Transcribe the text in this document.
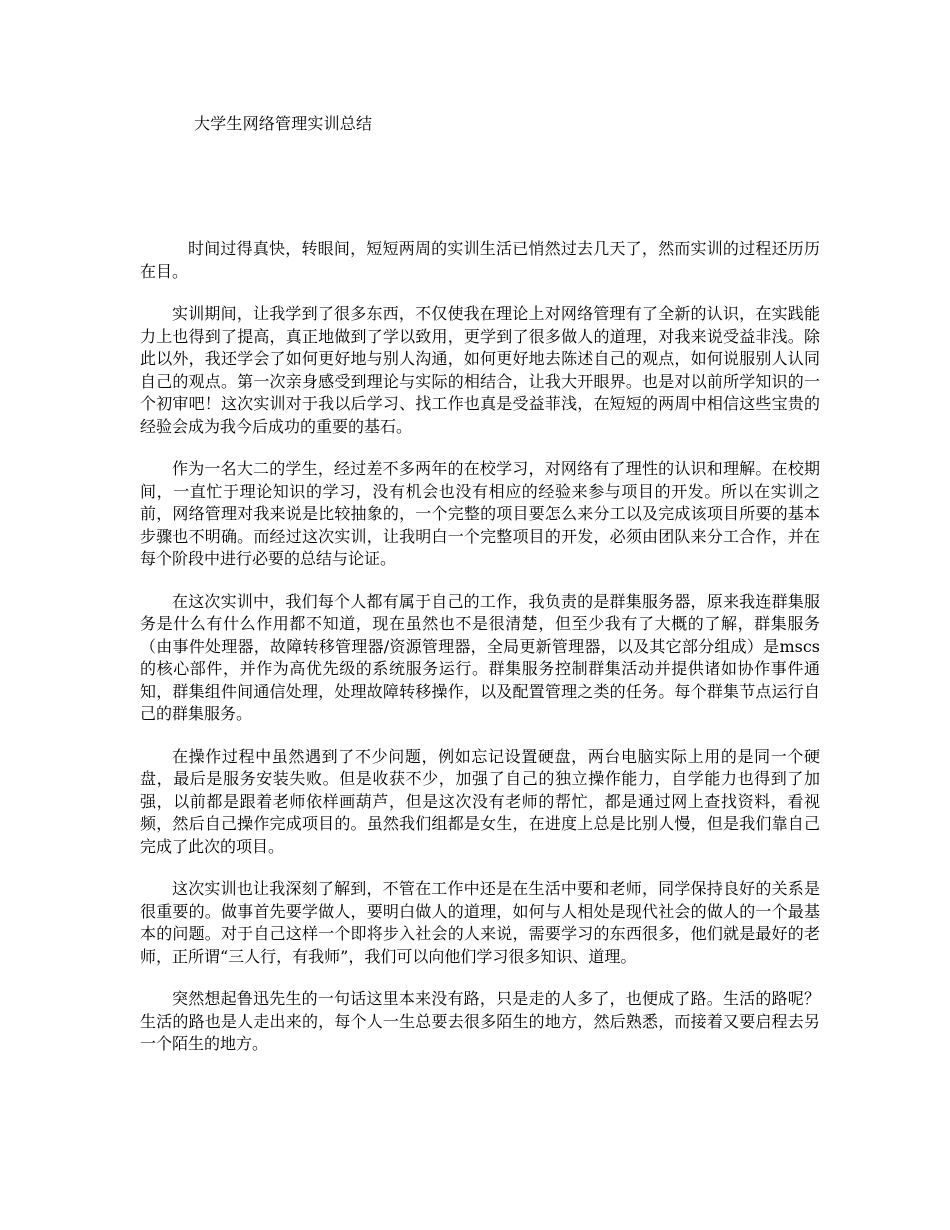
大学生网络管理实训总结

时间过得真快，转眼间，短短两周的实训生活已悄然过去几天了，然而实训的过程还历历在目。

实训期间，让我学到了很多东西，不仅使我在理论上对网络管理有了全新的认识，在实践能力上也得到了提高，真正地做到了学以致用，更学到了很多做人的道理，对我来说受益非浅。除此以外，我还学会了如何更好地与别人沟通，如何更好地去陈述自己的观点，如何说服别人认同自己的观点。第一次亲身感受到理论与实际的相结合，让我大开眼界。也是对以前所学知识的一个初审吧！这次实训对于我以后学习、找工作也真是受益菲浅，在短短的两周中相信这些宝贵的经验会成为我今后成功的重要的基石。

作为一名大二的学生，经过差不多两年的在校学习，对网络有了理性的认识和理解。在校期间，一直忙于理论知识的学习，没有机会也没有相应的经验来参与项目的开发。所以在实训之前，网络管理对我来说是比较抽象的，一个完整的项目要怎么来分工以及完成该项目所要的基本步骤也不明确。而经过这次实训，让我明白一个完整项目的开发，必须由团队来分工合作，并在每个阶段中进行必要的总结与论证。

在这次实训中，我们每个人都有属于自己的工作，我负责的是群集服务器，原来我连群集服务是什么有什么作用都不知道，现在虽然也不是很清楚，但至少我有了大概的了解，群集服务（由事件处理器，故障转移管理器/资源管理器，全局更新管理器，以及其它部分组成）是mscs的核心部件，并作为高优先级的系统服务运行。群集服务控制群集活动并提供诸如协作事件通知，群集组件间通信处理，处理故障转移操作，以及配置管理之类的任务。每个群集节点运行自己的群集服务。

在操作过程中虽然遇到了不少问题，例如忘记设置硬盘，两台电脑实际上用的是同一个硬盘，最后是服务安装失败。但是收获不少，加强了自己的独立操作能力，自学能力也得到了加强，以前都是跟着老师依样画葫芦，但是这次没有老师的帮忙，都是通过网上查找资料，看视频，然后自己操作完成项目的。虽然我们组都是女生，在进度上总是比别人慢，但是我们靠自己完成了此次的项目。

这次实训也让我深刻了解到，不管在工作中还是在生活中要和老师，同学保持良好的关系是很重要的。做事首先要学做人，要明白做人的道理，如何与人相处是现代社会的做人的一个最基本的问题。对于自己这样一个即将步入社会的人来说，需要学习的东西很多，他们就是最好的老师，正所谓“三人行，有我师”，我们可以向他们学习很多知识、道理。

突然想起鲁迅先生的一句话这里本来没有路，只是走的人多了，也便成了路。生活的路呢？生活的路也是人走出来的，每个人一生总要去很多陌生的地方，然后熟悉，而接着又要启程去另一个陌生的地方。
